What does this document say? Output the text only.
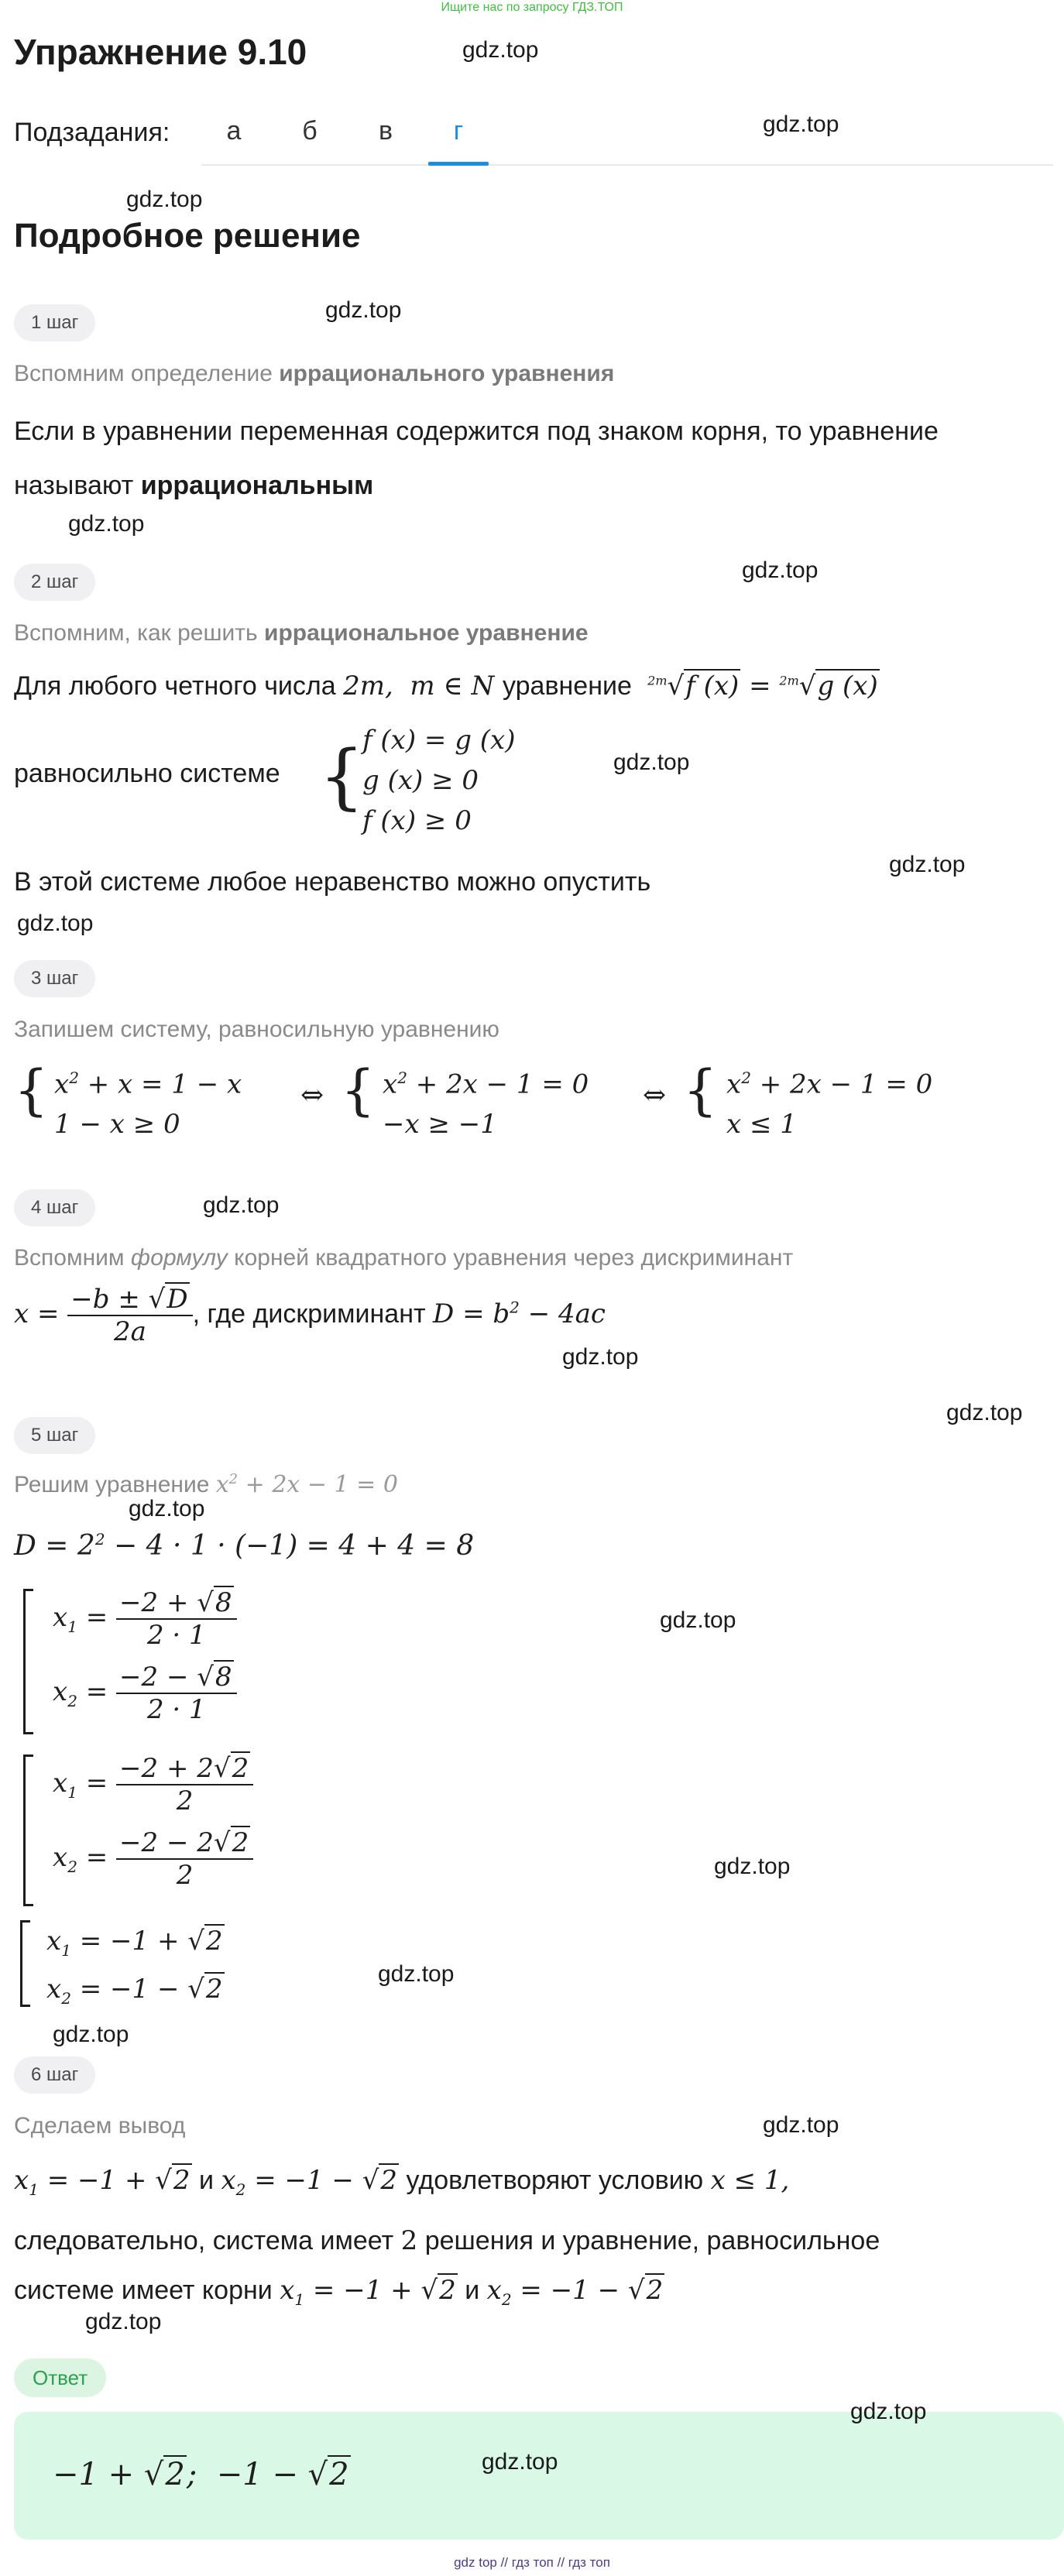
Ищите нас по запросу ГДЗ.ТОП
Упражнение 9.10	gdz.top
Подзадания:	а	б	в	г	gdz.top
gdz.top
Подробное решение
1 шаг	gdz.top
Вспомним определение иррационального уравнения
Если в уравнении переменная содержится под знаком корня, то уравнение
называют иррациональным
gdz.top
2 шаг	gdz.top
Вспомним, как решить иррациональное уравнение
Для любого четного числа 2m,  m ∈ N уравнение $^{2m}$√f (x) = $^{2m}$√g (x)
равносильно системе {
f (x) = g (x)
g (x) ≥ 0
f (x) ≥ 0
gdz.top
В этой системе любое неравенство можно опустить
gdz.top
gdz.top
3 шаг
Запишем систему, равносильную уравнению
{ $x^2 + x = 1 - x$
1 − x ≥ 0
⇔ { $x^2 + 2x - 1 = 0$
−x ≥ −1
⇔ { $x^2 + 2x - 1 = 0$
x ≤ 1
4 шаг	gdz.top
Вспомним формулу корней квадратного уравнения через дискриминант
$x = \frac{-b \pm √D}{2a}$ , где дискриминант $D = b^2 - 4ac$
gdz.top
5 шаг
gdz.top
Решим уравнение $x^2 + 2x - 1 = 0$
gdz.top
$D = 2^2 - 4 \cdot 1 \cdot (-1) = 4 + 4 = 8$
$x_1 = \frac{-2 + √8}{2 \cdot 1}$
$x_2 = \frac{-2 - √8}{2 \cdot 1}$
gdz.top
$x_1 = \frac{-2 + 2√2}{2}$
$x_2 = \frac{-2 - 2√2}{2}$	gdz.top
$x_1 = -1 + √2$
$x_2 = -1 - √2$	gdz.top
gdz.top
6 шаг
Сделаем вывод	gdz.top
$x_1 = -1 + √2$ и $x_2 = -1 - √2$ удовлетворяют условию x ≤ 1,
следовательно, система имеет 2 решения и уравнение, равносильное
системе имеет корни $x_1 = -1 + √2$ и $x_2 = -1 - √2$
gdz.top
Ответ
−1 + √2;  −1 − √2	gdz.top
gdz.top
gdz top // гдз топ // гдз топ
